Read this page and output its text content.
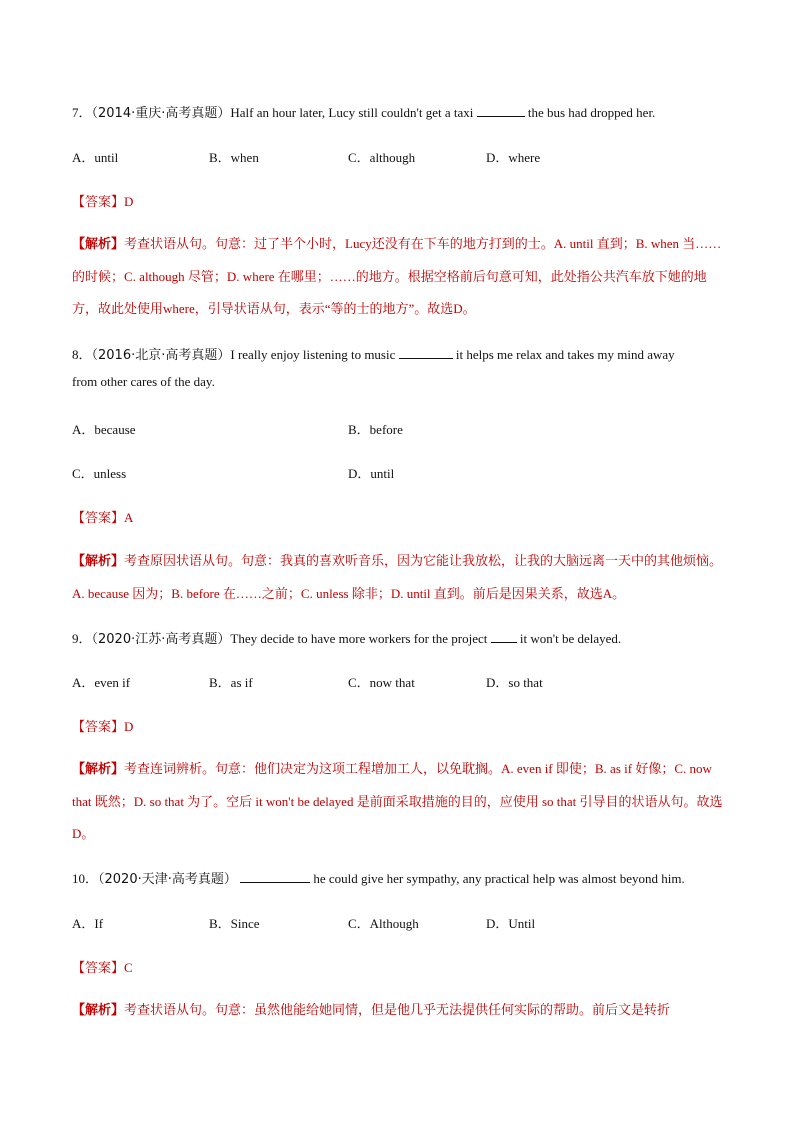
7．（2014·重庆·高考真题）Half an hour later, Lucy still couldn't get a taxi	the bus had dropped her.
A．until	B．when	C．although	D．where
【答案】D
【解析】考查状语从句。句意：过了半个小时，Lucy还没有在下车的地方打到的士。A. until 直到；B. when 当……的时候；C. although 尽管；D. where 在哪里；……的地方。根据空格前后句意可知，此处指公共汽车放下她的地方，故此处使用where，引导状语从句，表示“等的士的地方”。故选D。
8．（2016·北京·高考真题）I really enjoy listening to music	it helps me relax and takes my mind away
from other cares of the day.
A．because	B．before
C．unless	D．until
【答案】A
【解析】考查原因状语从句。句意：我真的喜欢听音乐，因为它能让我放松，让我的大脑远离一天中的其他烦恼。A. because 因为；B. before 在……之前；C. unless 除非；D. until 直到。前后是因果关系，故选A。
9．（2020·江苏·高考真题）They decide to have more workers for the project	it won't be delayed.
A．even if	B．as if	C．now that	D．so that
【答案】D
【解析】考查连词辨析。句意：他们决定为这项工程增加工人，以免耽搁。A. even if 即使；B. as if 好像；C. now that 既然；D. so that 为了。空后 it won't be delayed 是前面采取措施的目的，应使用 so that 引导目的状语从句。故选D。
10．（2020·天津·高考真题）	he could give her sympathy, any practical help was almost beyond him.
A．If	B．Since	C．Although	D．Until
【答案】C
【解析】考查状语从句。句意：虽然他能给她同情，但是他几乎无法提供任何实际的帮助。前后文是转折
